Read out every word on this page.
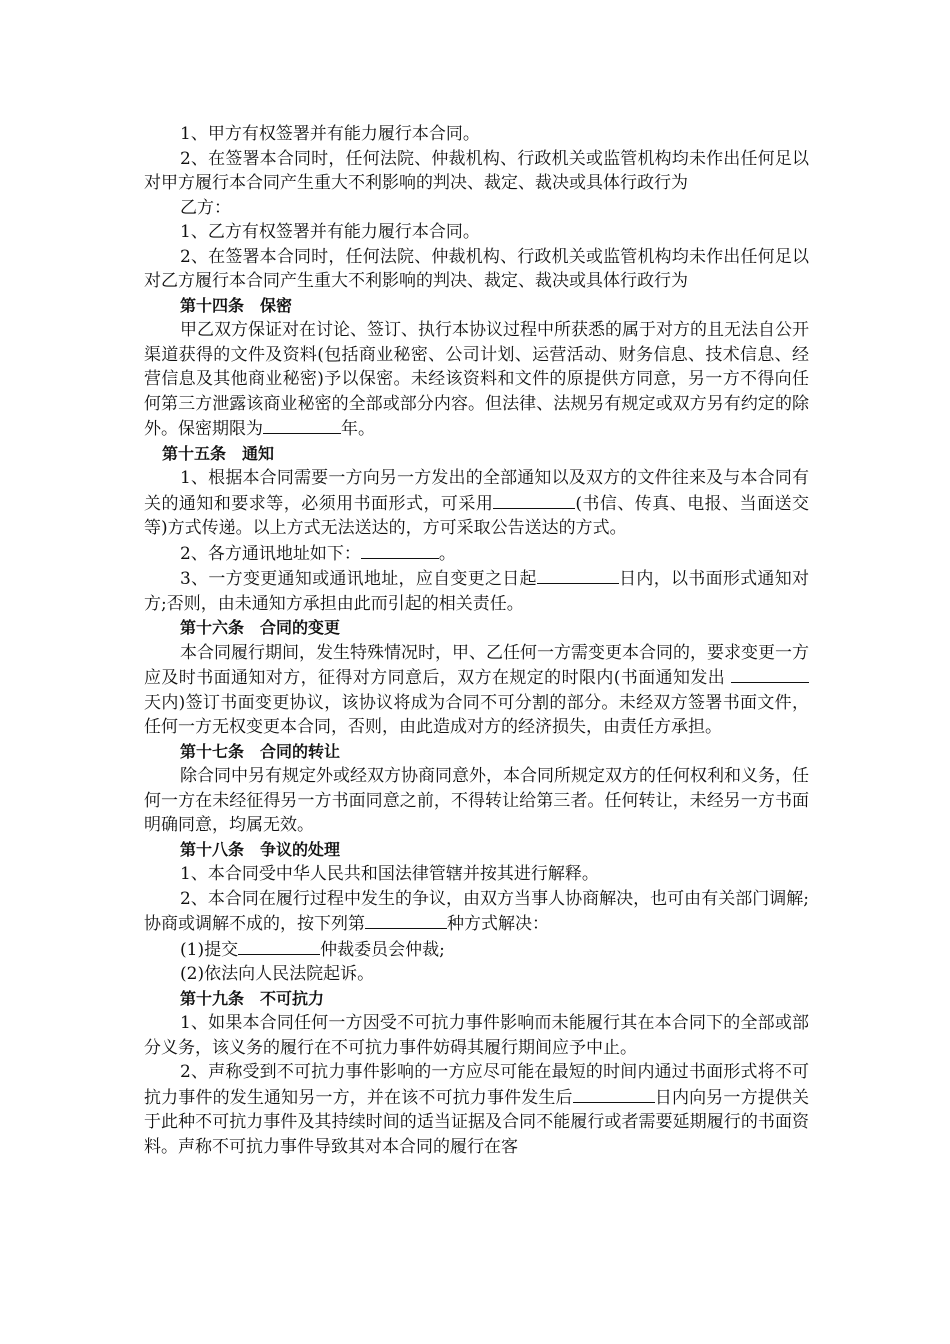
1、甲方有权签署并有能力履行本合同。

2、在签署本合同时，任何法院、仲裁机构、行政机关或监管机构均未作出任何足以对甲方履行本合同产生重大不利影响的判决、裁定、裁决或具体行政行为

乙方：

1、乙方有权签署并有能力履行本合同。

2、在签署本合同时，任何法院、仲裁机构、行政机关或监管机构均未作出任何足以对乙方履行本合同产生重大不利影响的判决、裁定、裁决或具体行政行为

第十四条　保密

甲乙双方保证对在讨论、签订、执行本协议过程中所获悉的属于对方的且无法自公开渠道获得的文件及资料(包括商业秘密、公司计划、运营活动、财务信息、技术信息、经营信息及其他商业秘密)予以保密。未经该资料和文件的原提供方同意，另一方不得向任何第三方泄露该商业秘密的全部或部分内容。但法律、法规另有规定或双方另有约定的除外。保密期限为	年。

第十五条　通知

1、根据本合同需要一方向另一方发出的全部通知以及双方的文件往来及与本合同有关的通知和要求等，必须用书面形式，可采用	(书信、传真、电报、当面送交等)方式传递。以上方式无法送达的，方可采取公告送达的方式。

2、各方通讯地址如下：	。

3、一方变更通知或通讯地址，应自变更之日起	日内，以书面形式通知对方;否则，由未通知方承担由此而引起的相关责任。

第十六条　合同的变更

本合同履行期间，发生特殊情况时，甲、乙任何一方需变更本合同的，要求变更一方应及时书面通知对方，征得对方同意后，双方在规定的时限内(书面通知发出 天内)签订书面变更协议，该协议将成为合同不可分割的部分。未经双方签署书面文件，任何一方无权变更本合同，否则，由此造成对方的经济损失，由责任方承担。

第十七条　合同的转让

除合同中另有规定外或经双方协商同意外，本合同所规定双方的任何权利和义务，任何一方在未经征得另一方书面同意之前，不得转让给第三者。任何转让，未经另一方书面明确同意，均属无效。

第十八条　争议的处理

1、本合同受中华人民共和国法律管辖并按其进行解释。

2、本合同在履行过程中发生的争议，由双方当事人协商解决，也可由有关部门调解;协商或调解不成的，按下列第	种方式解决：

(1)提交	仲裁委员会仲裁;

(2)依法向人民法院起诉。

第十九条　不可抗力

1、如果本合同任何一方因受不可抗力事件影响而未能履行其在本合同下的全部或部分义务，该义务的履行在不可抗力事件妨碍其履行期间应予中止。

2、声称受到不可抗力事件影响的一方应尽可能在最短的时间内通过书面形式将不可抗力事件的发生通知另一方，并在该不可抗力事件发生后	日内向另一方提供关于此种不可抗力事件及其持续时间的适当证据及合同不能履行或者需要延期履行的书面资料。声称不可抗力事件导致其对本合同的履行在客
